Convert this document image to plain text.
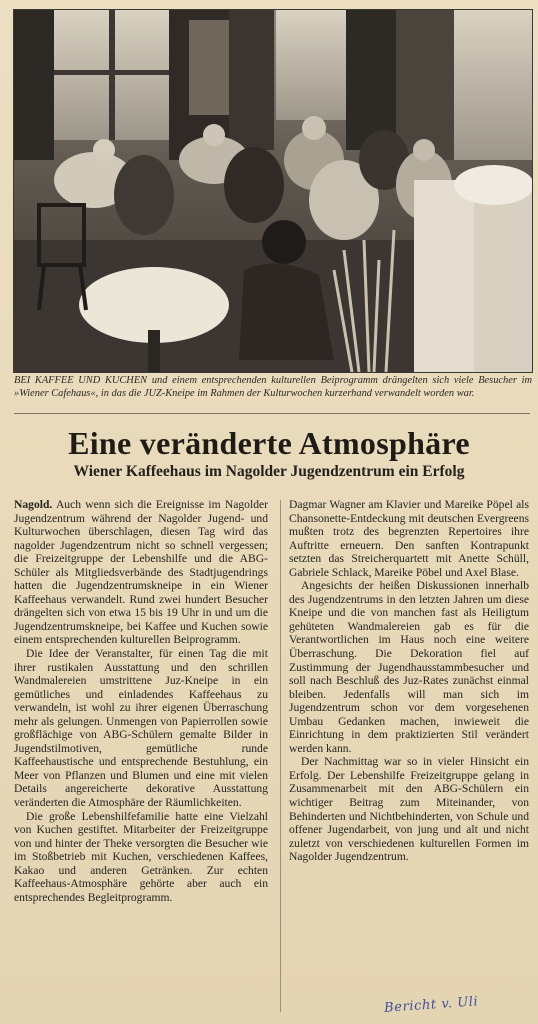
BEI KAFFEE UND KUCHEN und einem entsprechenden kulturellen Beiprogramm drängelten sich viele Besucher im »Wiener Cafehaus«, in das die JUZ-Kneipe im Rahmen der Kulturwochen kurzerhand verwandelt worden war.
Eine veränderte Atmosphäre
Wiener Kaffeehaus im Nagolder Jugendzentrum ein Erfolg

Nagold. Auch wenn sich die Ereignisse im Nagolder Jugendzentrum während der Nagolder Jugend- und Kulturwochen überschlagen, diesen Tag wird das nagolder Jugendzentrum nicht so schnell vergessen; die Freizeitgruppe der Lebenshilfe und die ABG-Schüler als Mitgliedsverbände des Stadtjugendrings hatten die Jugendzentrumskneipe in ein Wiener Kaffeehaus verwandelt. Rund zwei hundert Besucher drängelten sich von etwa 15 bis 19 Uhr in und um die Jugendzentrumskneipe, bei Kaffee und Kuchen sowie einem entsprechenden kulturellen Beiprogramm.

Die Idee der Veranstalter, für einen Tag die mit ihrer rustikalen Ausstattung und den schrillen Wandmalereien umstrittene Juz-Kneipe in ein gemütliches und einladendes Kaffeehaus zu verwandeln, ist wohl zu ihrer eigenen Überraschung mehr als gelungen. Unmengen von Papierrollen sowie großflächige von ABG-Schülern gemalte Bilder in Jugendstilmotiven, gemütliche runde Kaffeehaustische und entsprechende Bestuhlung, ein Meer von Pflanzen und Blumen und eine mit vielen Details angereicherte dekorative Ausstattung veränderten die Atmosphäre der Räumlichkeiten.

Die große Lebenshilfefamilie hatte eine Vielzahl von Kuchen gestiftet. Mitarbeiter der Freizeitgruppe von und hinter der Theke versorgten die Besucher wie im Stoßbetrieb mit Kuchen, verschiedenen Kaffees, Kakao und anderen Getränken. Zur echten Kaffeehaus-Atmosphäre gehörte aber auch ein entsprechendes Begleitprogramm.

Dagmar Wagner am Klavier und Mareike Pöpel als Chansonette-Entdeckung mit deutschen Evergreens mußten trotz des begrenzten Repertoires ihre Auftritte erneuern. Den sanften Kontrapunkt setzten das Streicherquartett mit Anette Schüll, Gabriele Schlack, Mareike Pöbel und Axel Blase.

Angesichts der heißen Diskussionen innerhalb des Jugendzentrums in den letzten Jahren um diese Kneipe und die von manchen fast als Heiligtum gehüteten Wandmalereien gab es für die Verantwortlichen im Haus noch eine weitere Überraschung. Die Dekoration fiel auf Zustimmung der Jugendhausstammbesucher und soll nach Beschluß des Juz-Rates zunächst einmal bleiben. Jedenfalls will man sich im Jugendzentrum schon vor dem vorgesehenen Umbau Gedanken machen, inwieweit die Einrichtung in dem praktizierten Stil verändert werden kann.

Der Nachmittag war so in vieler Hinsicht ein Erfolg. Der Lebenshilfe Freizeitgruppe gelang in Zusammenarbeit mit den ABG-Schülern ein wichtiger Beitrag zum Miteinander, von Behinderten und Nichtbehinderten, von Schule und offener Jugendarbeit, von jung und alt und nicht zuletzt von verschiedenen kulturellen Formen im Nagolder Jugendzentrum.

Bericht v. Uli
